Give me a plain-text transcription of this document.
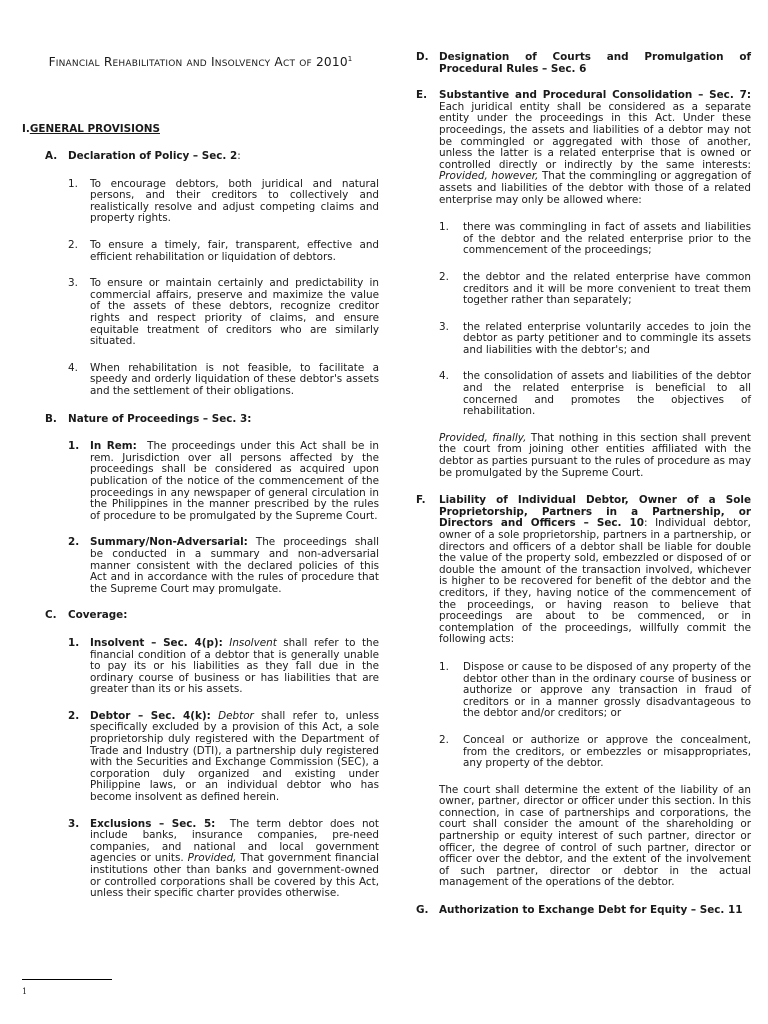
Financial Rehabilitation and Insolvency Act of 2010$^1$
I.GENERAL PROVISIONS
A.	Declaration of Policy – Sec. 2:
1.	To encourage debtors, both juridical and natural persons, and their creditors to collectively and realistically resolve and adjust competing claims and property rights.
2.	To ensure a timely, fair, transparent, effective and efficient rehabilitation or liquidation of debtors.
3.	To ensure or maintain certainly and predictability in commercial affairs, preserve and maximize the value of the assets of these debtors, recognize creditor rights and respect priority of claims, and ensure equitable treatment of creditors who are similarly situated.
4.	When rehabilitation is not feasible, to facilitate a speedy and orderly liquidation of these debtor's assets and the settlement of their obligations.
B.	Nature of Proceedings – Sec. 3:
1.	In Rem: The proceedings under this Act shall be in rem. Jurisdiction over all persons affected by the proceedings shall be considered as acquired upon publication of the notice of the commencement of the proceedings in any newspaper of general circulation in the Philippines in the manner prescribed by the rules of procedure to be promulgated by the Supreme Court.
2.	Summary/Non-Adversarial: The proceedings shall be conducted in a summary and non-adversarial manner consistent with the declared policies of this Act and in accordance with the rules of procedure that the Supreme Court may promulgate.
C.	Coverage:
1.	Insolvent – Sec. 4(p): Insolvent shall refer to the financial condition of a debtor that is generally unable to pay its or his liabilities as they fall due in the ordinary course of business or has liabilities that are greater than its or his assets.
2.	Debtor – Sec. 4(k): Debtor shall refer to, unless specifically excluded by a provision of this Act, a sole proprietorship duly registered with the Department of Trade and Industry (DTI), a partnership duly registered with the Securities and Exchange Commission (SEC), a corporation duly organized and existing under Philippine laws, or an individual debtor who has become insolvent as defined herein.
3.	Exclusions – Sec. 5: The term debtor does not include banks, insurance companies, pre-need companies, and national and local government agencies or units. Provided, That government financial institutions other than banks and government-owned or controlled corporations shall be covered by this Act, unless their specific charter provides otherwise.
D.	Designation of Courts and Promulgation of Procedural Rules – Sec. 6
E.	Substantive and Procedural Consolidation – Sec. 7: Each juridical entity shall be considered as a separate entity under the proceedings in this Act. Under these proceedings, the assets and liabilities of a debtor may not be commingled or aggregated with those of another, unless the latter is a related enterprise that is owned or controlled directly or indirectly by the same interests: Provided, however, That the commingling or aggregation of assets and liabilities of the debtor with those of a related enterprise may only be allowed where:
1.	there was commingling in fact of assets and liabilities of the debtor and the related enterprise prior to the commencement of the proceedings;
2.	the debtor and the related enterprise have common creditors and it will be more convenient to treat them together rather than separately;
3.	the related enterprise voluntarily accedes to join the debtor as party petitioner and to commingle its assets and liabilities with the debtor's; and
4.	the consolidation of assets and liabilities of the debtor and the related enterprise is beneficial to all concerned and promotes the objectives of rehabilitation.
Provided, finally, That nothing in this section shall prevent the court from joining other entities affiliated with the debtor as parties pursuant to the rules of procedure as may be promulgated by the Supreme Court.
F.	Liability of Individual Debtor, Owner of a Sole Proprietorship, Partners in a Partnership, or Directors and Officers – Sec. 10: Individual debtor, owner of a sole proprietorship, partners in a partnership, or directors and officers of a debtor shall be liable for double the value of the property sold, embezzled or disposed of or double the amount of the transaction involved, whichever is higher to be recovered for benefit of the debtor and the creditors, if they, having notice of the commencement of the proceedings, or having reason to believe that proceedings are about to be commenced, or in contemplation of the proceedings, willfully commit the following acts:
1.	Dispose or cause to be disposed of any property of the debtor other than in the ordinary course of business or authorize or approve any transaction in fraud of creditors or in a manner grossly disadvantageous to the debtor and/or creditors; or
2.	Conceal or authorize or approve the concealment, from the creditors, or embezzles or misappropriates, any property of the debtor.
The court shall determine the extent of the liability of an owner, partner, director or officer under this section. In this connection, in case of partnerships and corporations, the court shall consider the amount of the shareholding or partnership or equity interest of such partner, director or officer, the degree of control of such partner, director or officer over the debtor, and the extent of the involvement of such partner, director or debtor in the actual management of the operations of the debtor.
G.	Authorization to Exchange Debt for Equity – Sec. 11
$^1$
